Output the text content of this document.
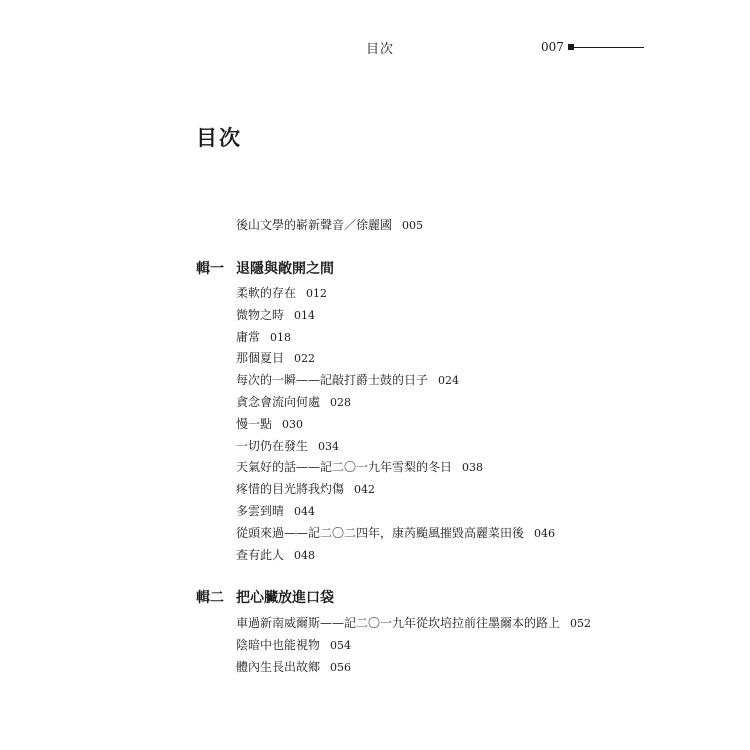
目次	007
目次
後山文學的嶄新聲音／徐麗國 005
輯一 退隱與敞開之間
柔軟的存在 012
微物之時 014
庸常 018
那個夏日 022
每次的一瞬——記敲打爵士鼓的日子 024
貪念會流向何處 028
慢一點 030
一切仍在發生 034
天氣好的話——記二〇一九年雪梨的冬日 038
疼惜的目光將我灼傷 042
多雲到晴 044
從頭來過——記二〇二四年，康芮颱風摧毀高麗菜田後 046
查有此人 048
輯二 把心臟放進口袋
車過新南威爾斯——記二〇一九年從坎培拉前往墨爾本的路上 052
陰暗中也能視物 054
體內生長出故鄉 056
